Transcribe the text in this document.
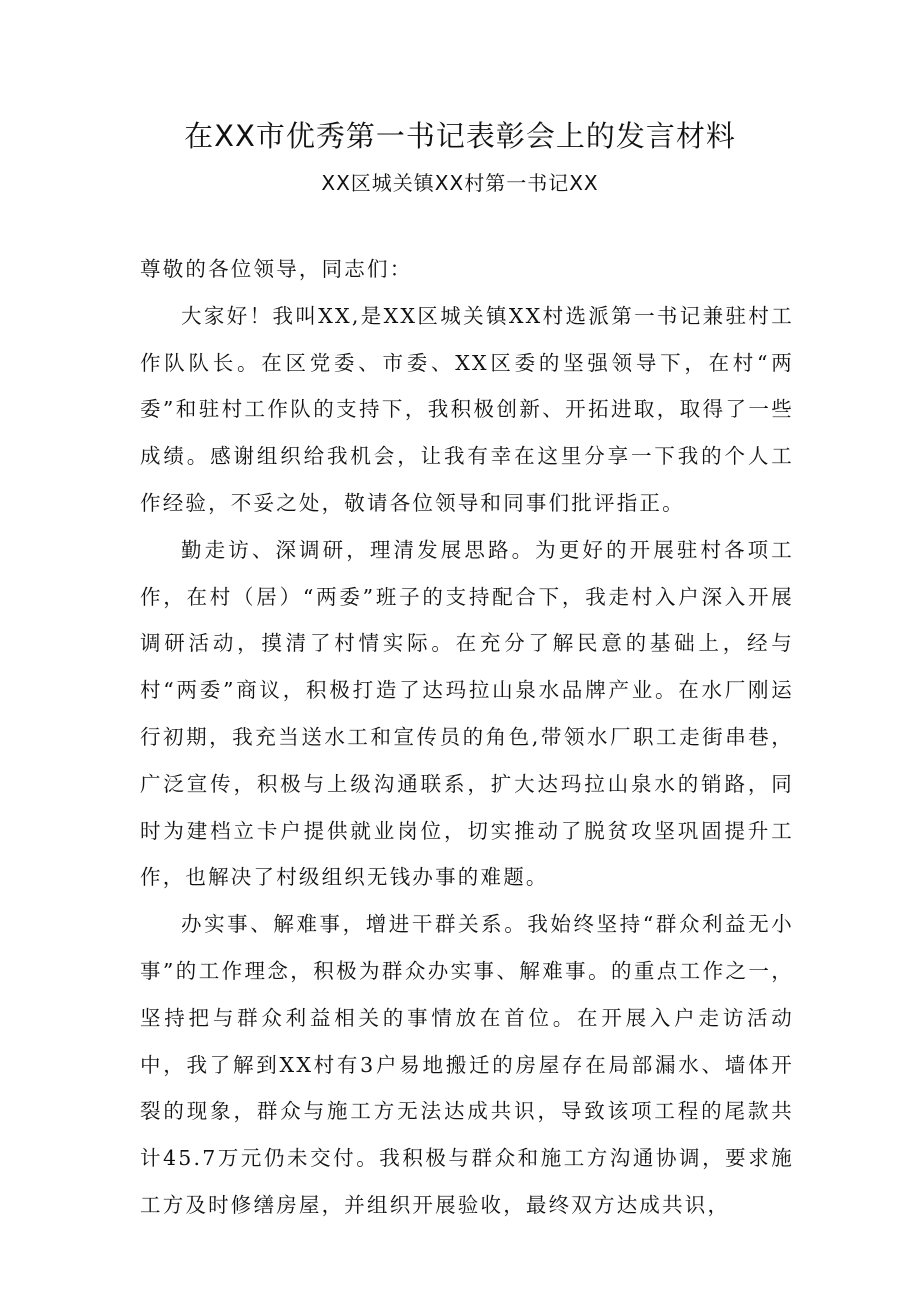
在XX市优秀第一书记表彰会上的发言材料
XX区城关镇XX村第一书记XX

尊敬的各位领导，同志们：

大家好！我叫XX,是XX区城关镇XX村选派第一书记兼驻村工作队队长。在区党委、市委、XX区委的坚强领导下，在村“两委”和驻村工作队的支持下，我积极创新、开拓进取，取得了一些成绩。感谢组织给我机会，让我有幸在这里分享一下我的个人工作经验，不妥之处，敬请各位领导和同事们批评指正。

勤走访、深调研，理清发展思路。为更好的开展驻村各项工作，在村（居）“两委”班子的支持配合下，我走村入户深入开展调研活动，摸清了村情实际。在充分了解民意的基础上，经与村“两委”商议，积极打造了达玛拉山泉水品牌产业。在水厂刚运行初期，我充当送水工和宣传员的角色,带领水厂职工走街串巷，广泛宣传，积极与上级沟通联系，扩大达玛拉山泉水的销路，同时为建档立卡户提供就业岗位，切实推动了脱贫攻坚巩固提升工作，也解决了村级组织无钱办事的难题。

办实事、解难事，增进干群关系。我始终坚持“群众利益无小事”的工作理念，积极为群众办实事、解难事。的重点工作之一，坚持把与群众利益相关的事情放在首位。在开展入户走访活动中，我了解到XX村有3户易地搬迁的房屋存在局部漏水、墙体开裂的现象，群众与施工方无法达成共识，导致该项工程的尾款共计45.7万元仍未交付。我积极与群众和施工方沟通协调，要求施工方及时修缮房屋，并组织开展验收，最终双方达成共识，
